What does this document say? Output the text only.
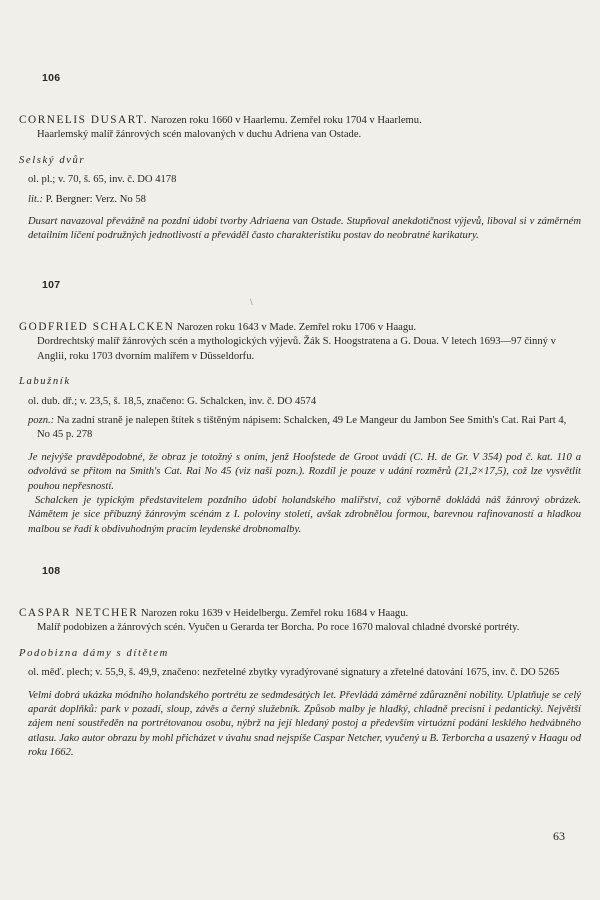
106

CORNELIS DUSART. Narozen roku 1660 v Haarlemu. Zemřel roku 1704 v Haarlemu.

Haarlemský malíř žánrových scén malovaných v duchu Adriena van Ostade.

Selský dvůr

ol. pl.; v. 70, š. 65, inv. č. DO 4178

lit.: P. Bergner: Verz. No 58

Dusart navazoval převážně na pozdní údobí tvorby Adriaena van Ostade. Stupňoval anekdotičnost výjevů, liboval si v záměrném detailním líčení podružných jednotlivostí a převáděl často charakteristiku postav do neobratné karikatury.

\
107

GODFRIED SCHALCKEN Narozen roku 1643 v Made. Zemřel roku 1706 v Haagu.

Dordrechtský malíř žánrových scén a mythologických výjevů. Žák S. Hoogstratena a G. Doua. V letech 1693—97 činný v Anglii, roku 1703 dvorním malířem v Düsseldorfu.

Labužník

ol. dub. dř.; v. 23,5, š. 18,5, značeno: G. Schalcken, inv. č. DO 4574

pozn.: Na zadní straně je nalepen štítek s tištěným nápisem: Schalcken, 49 Le Mangeur du Jambon See Smith's Cat. Rai Part 4, No 45 p. 278

Je nejvýše pravděpodobné, že obraz je totožný s oním, jenž Hoofstede de Groot uvádí (C. H. de Gr. V 354) pod č. kat. 110 a odvolává se přitom na Smith's Cat. Rai No 45 (viz naši pozn.). Rozdíl je pouze v udání rozměrů (21,2×17,5), což lze vysvětlit pouhou nepřesností.

Schalcken je typickým představitelem pozdního údobí holandského malířství, což výborně dokládá náš žánrový obrázek. Námětem je sice příbuzný žánrovým scénám z I. poloviny století, avšak zdrobnělou formou, barevnou rafinovaností a hladkou malbou se řadí k obdivuhodným pracím leydenské drobnomalby.

108

CASPAR NETCHER Narozen roku 1639 v Heidelbergu. Zemřel roku 1684 v Haagu.

Malíř podobizen a žánrových scén. Vyučen u Gerarda ter Borcha. Po roce 1670 maloval chladné dvorské portréty.

Podobizna dámy s dítětem

ol. měď. plech; v. 55,9, š. 49,9, značeno: nezřetelné zbytky vyradýrované signatury a zřetelné datování 1675, inv. č. DO 5265

Velmi dobrá ukázka módního holandského portrétu ze sedmdesátých let. Převládá záměrné zdůraznění nobility. Uplatňuje se celý aparát doplňků: park v pozadí, sloup, závěs a černý služebník. Způsob malby je hladký, chladně precisní i pedantický. Největší zájem není soustředěn na portrétovanou osobu, nýbrž na její hledaný postoj a především virtuózní podání lesklého hedvábného atlasu. Jako autor obrazu by mohl přicházet v úvahu snad nejspíše Caspar Netcher, vyučený u B. Terborcha a usazený v Haagu od roku 1662.

63
